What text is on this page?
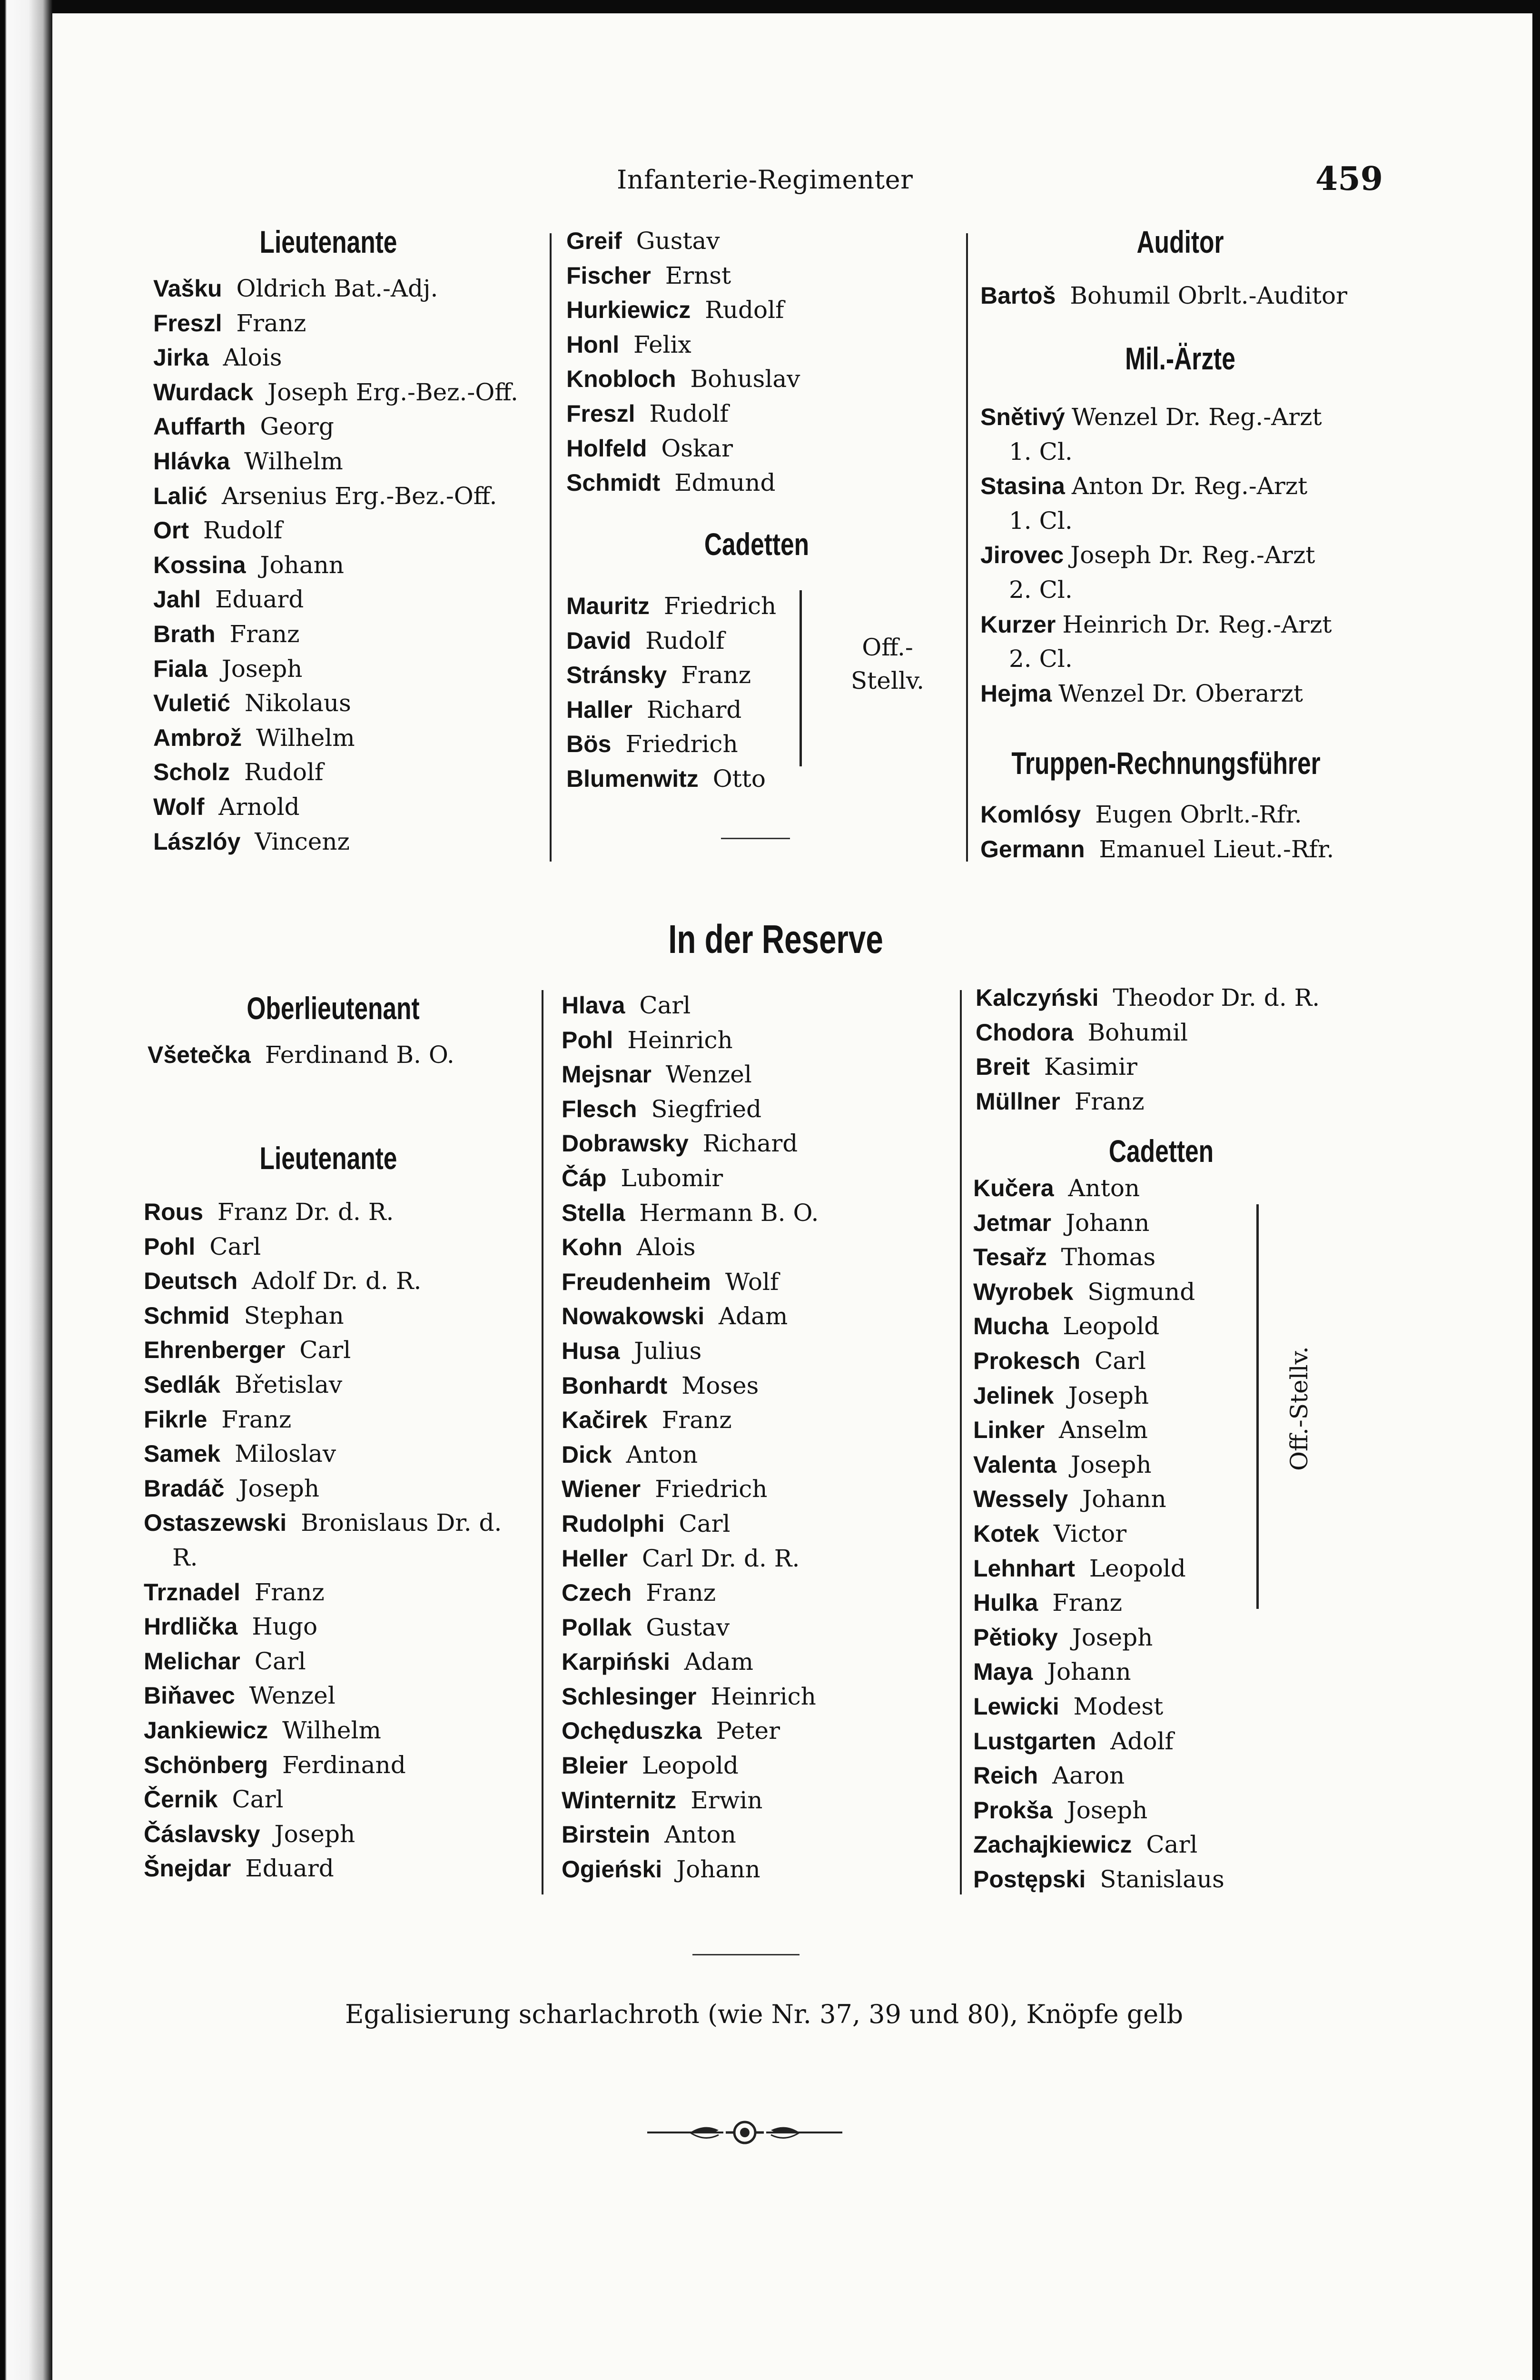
Infanterie-Regimenter	459
Lieutenante
Vašku Oldrich Bat.-Adj.
Freszl Franz
Jirka Alois
Wurdack Joseph Erg.-Bez.-Off.
Auffarth Georg
Hlávka Wilhelm
Lalić Arsenius Erg.-Bez.-Off.
Ort Rudolf
Kossina Johann
Jahl Eduard
Brath Franz
Fiala Joseph
Vuletić Nikolaus
Ambrož Wilhelm
Scholz Rudolf
Wolf Arnold
Lászlóy Vincenz
Greif Gustav
Fischer Ernst
Hurkiewicz Rudolf
Honl Felix
Knobloch Bohuslav
Freszl Rudolf
Holfeld Oskar
Schmidt Edmund
Cadetten
Mauritz Friedrich
David Rudolf
Stránsky Franz
Haller Richard
Bös Friedrich
Blumenwitz Otto
Off.-
Stellv.
Auditor
Bartoš Bohumil Obrlt.-Auditor
Mil.-Ärzte
Snětivý Wenzel Dr. Reg.-Arzt
1. Cl.
Stasina Anton Dr. Reg.-Arzt
1. Cl.
Jirovec Joseph Dr. Reg.-Arzt
2. Cl.
Kurzer Heinrich Dr. Reg.-Arzt
2. Cl.
Hejma Wenzel Dr. Oberarzt
Truppen-Rechnungsführer
Komlósy Eugen Obrlt.-Rfr.
Germann Emanuel Lieut.-Rfr.
In der Reserve
Oberlieutenant
Všetečka Ferdinand B. O.
Lieutenante
Rous Franz Dr. d. R.
Pohl Carl
Deutsch Adolf Dr. d. R.
Schmid Stephan
Ehrenberger Carl
Sedlák Břetislav
Fikrle Franz
Samek Miloslav
Bradáč Joseph
Ostaszewski Bronislaus Dr. d.
R.
Trznadel Franz
Hrdlička Hugo
Melichar Carl
Biňavec Wenzel
Jankiewicz Wilhelm
Schönberg Ferdinand
Černik Carl
Čáslavsky Joseph
Šnejdar Eduard
Hlava Carl
Pohl Heinrich
Mejsnar Wenzel
Flesch Siegfried
Dobrawsky Richard
Čáp Lubomir
Stella Hermann B. O.
Kohn Alois
Freudenheim Wolf
Nowakowski Adam
Husa Julius
Bonhardt Moses
Kačirek Franz
Dick Anton
Wiener Friedrich
Rudolphi Carl
Heller Carl Dr. d. R.
Czech Franz
Pollak Gustav
Karpiński Adam
Schlesinger Heinrich
Ochęduszka Peter
Bleier Leopold
Winternitz Erwin
Birstein Anton
Ogieński Johann
Kalczyński Theodor Dr. d. R.
Chodora Bohumil
Breit Kasimir
Müllner Franz
Cadetten
Kučera Anton
Jetmar Johann
Tesařz Thomas
Wyrobek Sigmund
Mucha Leopold
Prokesch Carl
Jelinek Joseph
Linker Anselm
Valenta Joseph
Wessely Johann
Kotek Victor
Lehnhart Leopold
Hulka Franz
Pětioky Joseph
Maya Johann
Lewicki Modest
Lustgarten Adolf
Reich Aaron
Prokša Joseph
Zachajkiewicz Carl
Postępski Stanislaus
Off.-Stellv.
Egalisierung scharlachroth (wie Nr. 37, 39 und 80), Knöpfe gelb
